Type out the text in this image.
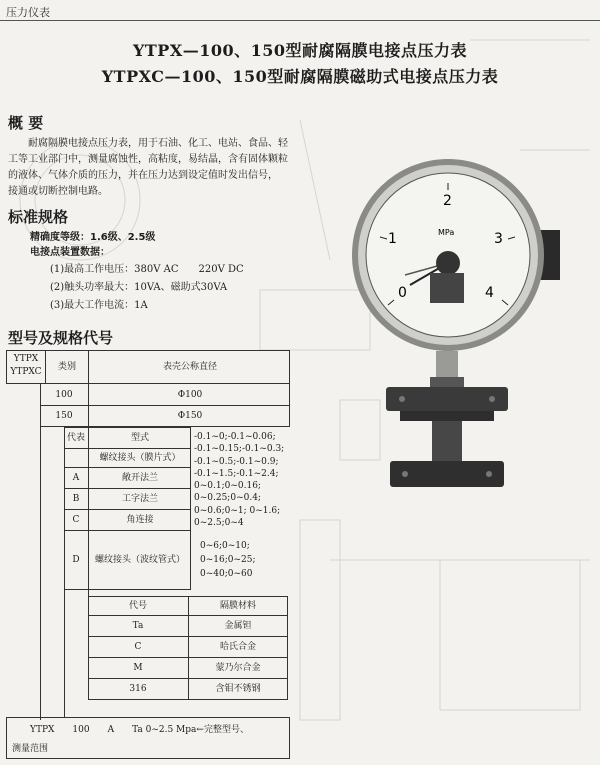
压力仪表
YTPX—100、150型耐腐隔膜电接点压力表
YTPXC—100、150型耐腐隔膜磁助式电接点压力表
概 要
耐腐隔膜电接点压力表，用于石油、化工、电站、食品、轻
工等工业部门中，测量腐蚀性，高粘度，易结晶，含有固体颗粒
的液体、气体介质的压力，并在压力达到设定值时发出信号，
接通或切断控制电路。
标准规格
精确度等级：1.6级、2.5级
电接点装置数据：
(1)最高工作电压：380V AC　　220V DC
(2)触头功率最大：10VA、磁助式30VA
(3)最大工作电流：1A
型号及规格代号
YTPX
YTPXC	类别	表壳公称直径
100	Φ100
150	Φ150
代表	型式
螺纹接头（膜片式）
A	敞开法兰
B	工字法兰
C	角连接
D	螺纹接头（波纹管式）
-0.1~0;-0.1~0.06;
-0.1~0.15;-0.1~0.3;
-0.1~0.5;-0.1~0.9;
-0.1~1.5;-0.1~2.4;
0~0.1;0~0.16;
0~0.25;0~0.4;
0~0.6;0~1; 0~1.6;
0~2.5;0~4
0~6;0~10;
0~16;0~25;
0~40;0~60
代号	隔膜材料
Ta	金属钽
C	哈氏合金
M	蒙乃尔合金
316	含钼不锈钢
YTPX　　100　　A　　Ta 0~2.5 Mpa←完整型号、
测量范围
0
1
2
3
4
MPa
